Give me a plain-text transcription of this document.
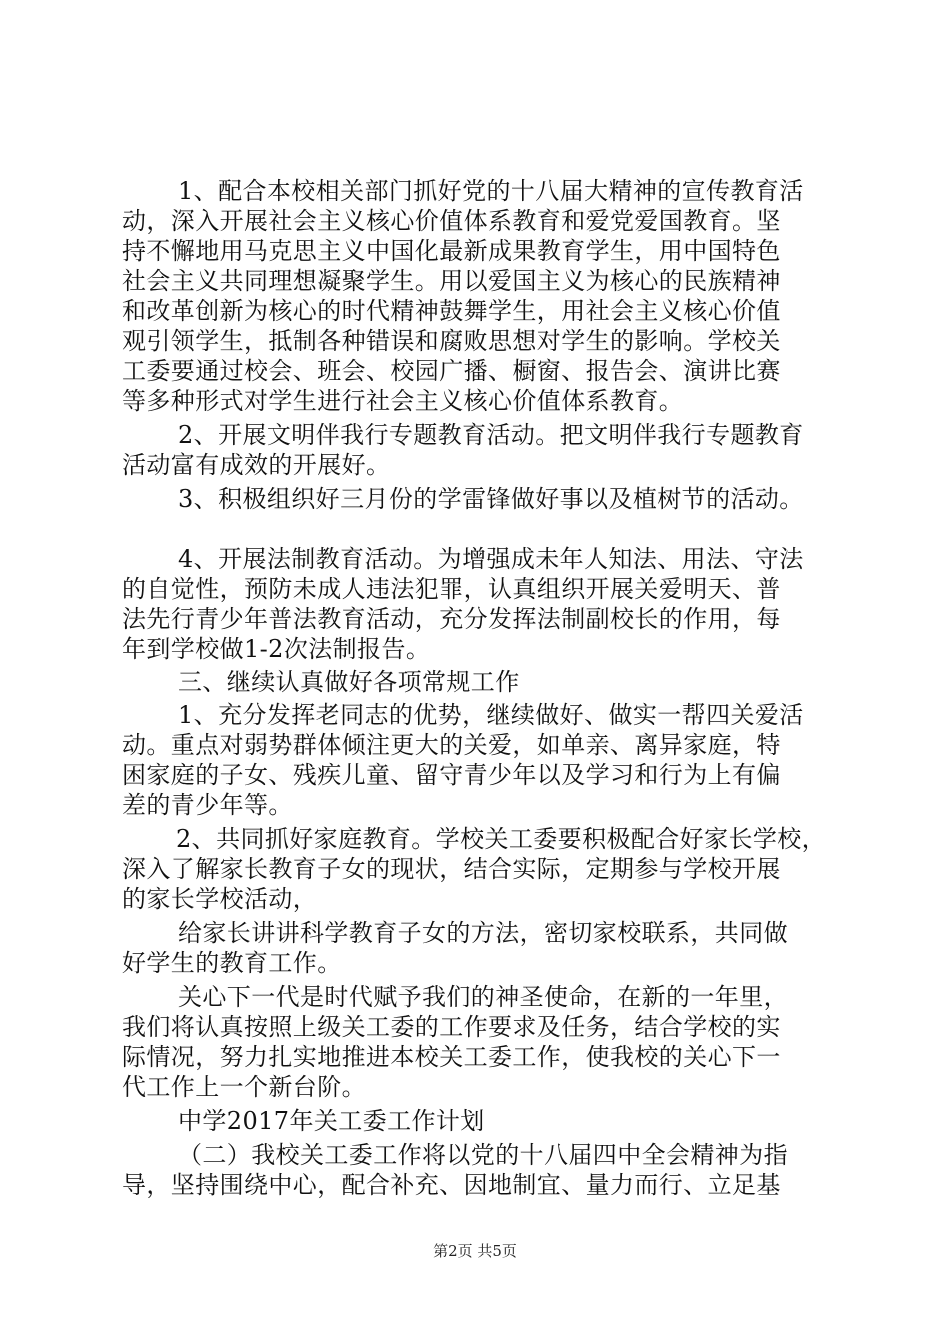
1、配合本校相关部门抓好党的十八届大精神的宣传教育活
动，深入开展社会主义核心价值体系教育和爱党爱国教育。坚
持不懈地用马克思主义中国化最新成果教育学生，用中国特色
社会主义共同理想凝聚学生。用以爱国主义为核心的民族精神
和改革创新为核心的时代精神鼓舞学生，用社会主义核心价值
观引领学生，抵制各种错误和腐败思想对学生的影响。学校关
工委要通过校会、班会、校园广播、橱窗、报告会、演讲比赛
等多种形式对学生进行社会主义核心价值体系教育。
2、开展文明伴我行专题教育活动。把文明伴我行专题教育
活动富有成效的开展好。
3、积极组织好三月份的学雷锋做好事以及植树节的活动。
4、开展法制教育活动。为增强成未年人知法、用法、守法
的自觉性，预防未成人违法犯罪，认真组织开展关爱明天、普
法先行青少年普法教育活动，充分发挥法制副校长的作用，每
年到学校做1-2次法制报告。
三、继续认真做好各项常规工作
1、充分发挥老同志的优势，继续做好、做实一帮四关爱活
动。重点对弱势群体倾注更大的关爱，如单亲、离异家庭，特
困家庭的子女、残疾儿童、留守青少年以及学习和行为上有偏
差的青少年等。
2、共同抓好家庭教育。学校关工委要积极配合好家长学校，
深入了解家长教育子女的现状，结合实际，定期参与学校开展
的家长学校活动，
给家长讲讲科学教育子女的方法，密切家校联系，共同做
好学生的教育工作。
关心下一代是时代赋予我们的神圣使命，在新的一年里，
我们将认真按照上级关工委的工作要求及任务，结合学校的实
际情况，努力扎实地推进本校关工委工作，使我校的关心下一
代工作上一个新台阶。
中学2017年关工委工作计划
（二）我校关工委工作将以党的十八届四中全会精神为指
导，坚持围绕中心，配合补充、因地制宜、量力而行、立足基
第2页 共5页
